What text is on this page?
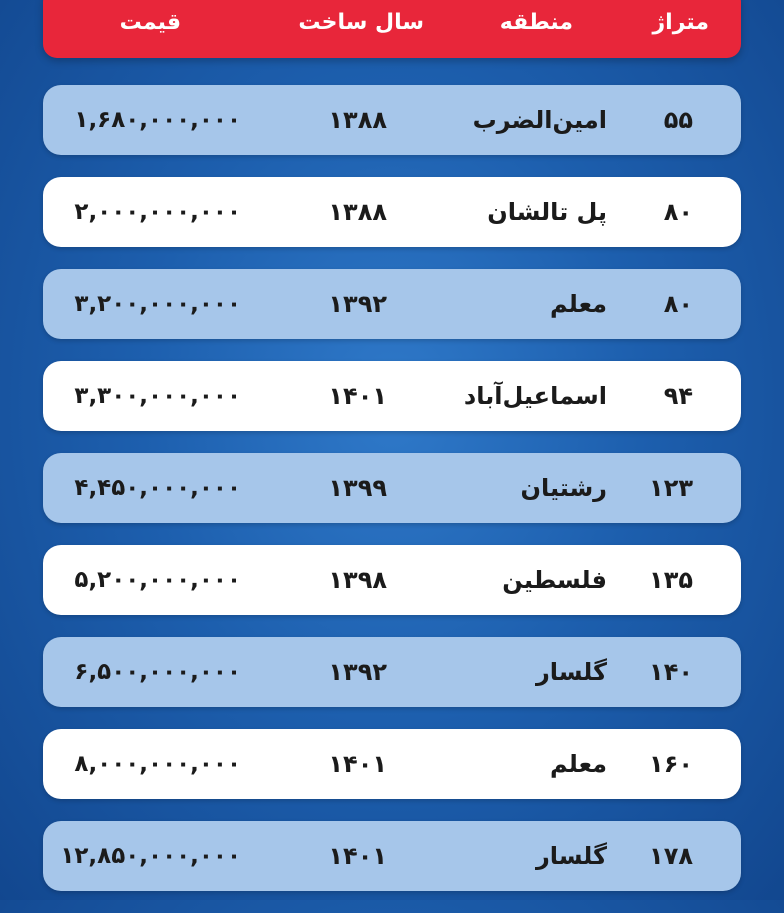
متراژ
منطقه
سال ساخت
قیمت
۵۵
امین‌الضرب
۱۳۸۸
۱,۶۸۰,۰۰۰,۰۰۰
۸۰
پل تالشان
۱۳۸۸
۲,۰۰۰,۰۰۰,۰۰۰
۸۰
معلم
۱۳۹۲
۳,۲۰۰,۰۰۰,۰۰۰
۹۴
اسماعیل‌آباد
۱۴۰۱
۳,۳۰۰,۰۰۰,۰۰۰
۱۲۳
رشتیان
۱۳۹۹
۴,۴۵۰,۰۰۰,۰۰۰
۱۳۵
فلسطین
۱۳۹۸
۵,۲۰۰,۰۰۰,۰۰۰
۱۴۰
گلسار
۱۳۹۲
۶,۵۰۰,۰۰۰,۰۰۰
۱۶۰
معلم
۱۴۰۱
۸,۰۰۰,۰۰۰,۰۰۰
۱۷۸
گلسار
۱۴۰۱
۱۲,۸۵۰,۰۰۰,۰۰۰
